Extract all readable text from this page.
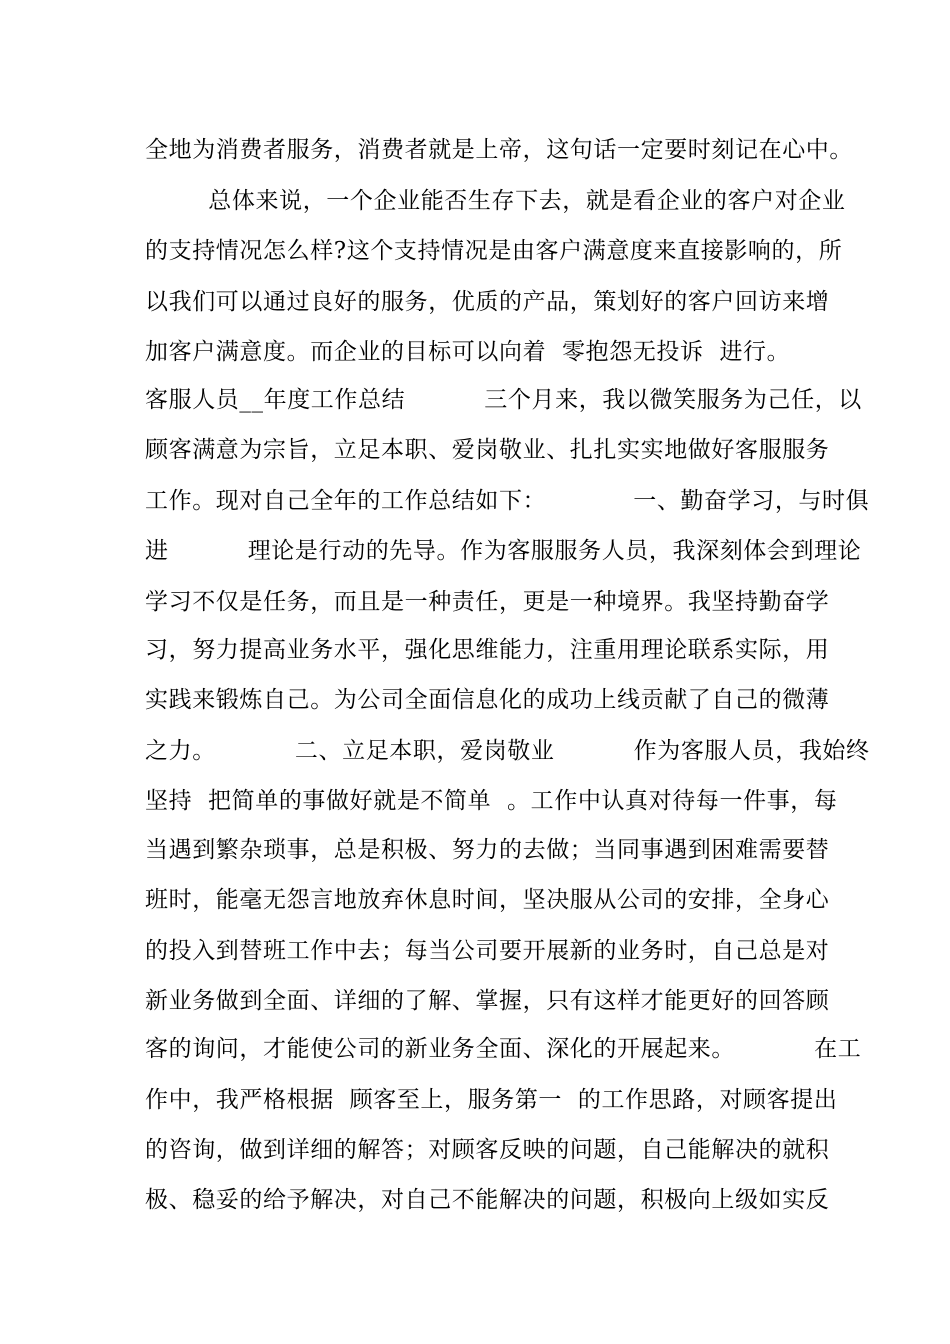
全地为消费者服务，消费者就是上帝，这句话一定要时刻记在心中。
总体来说，一个企业能否生存下去，就是看企业的客户对企业
的支持情况怎么样?这个支持情况是由客户满意度来直接影响的，所
以我们可以通过良好的服务，优质的产品，策划好的客户回访来增
加客户满意度。而企业的目标可以向着  零抱怨无投诉  进行。
客服人员__年度工作总结          三个月来，我以微笑服务为己任，以
顾客满意为宗旨，立足本职、爱岗敬业、扎扎实实地做好客服服务
工作。现对自己全年的工作总结如下：           一、勤奋学习，与时俱
进          理论是行动的先导。作为客服服务人员，我深刻体会到理论
学习不仅是任务，而且是一种责任，更是一种境界。我坚持勤奋学
习，努力提高业务水平，强化思维能力，注重用理论联系实际，用
实践来锻炼自己。为公司全面信息化的成功上线贡献了自己的微薄
之力。          二、立足本职，爱岗敬业          作为客服人员，我始终
坚持  把简单的事做好就是不简单  。工作中认真对待每一件事，每
当遇到繁杂琐事，总是积极、努力的去做；当同事遇到困难需要替
班时，能毫无怨言地放弃休息时间，坚决服从公司的安排，全身心
的投入到替班工作中去；每当公司要开展新的业务时，自己总是对
新业务做到全面、详细的了解、掌握，只有这样才能更好的回答顾
客的询问，才能使公司的新业务全面、深化的开展起来。          在工
作中，我严格根据  顾客至上，服务第一  的工作思路，对顾客提出
的咨询，做到详细的解答；对顾客反映的问题，自己能解决的就积
极、稳妥的给予解决，对自己不能解决的问题，积极向上级如实反
